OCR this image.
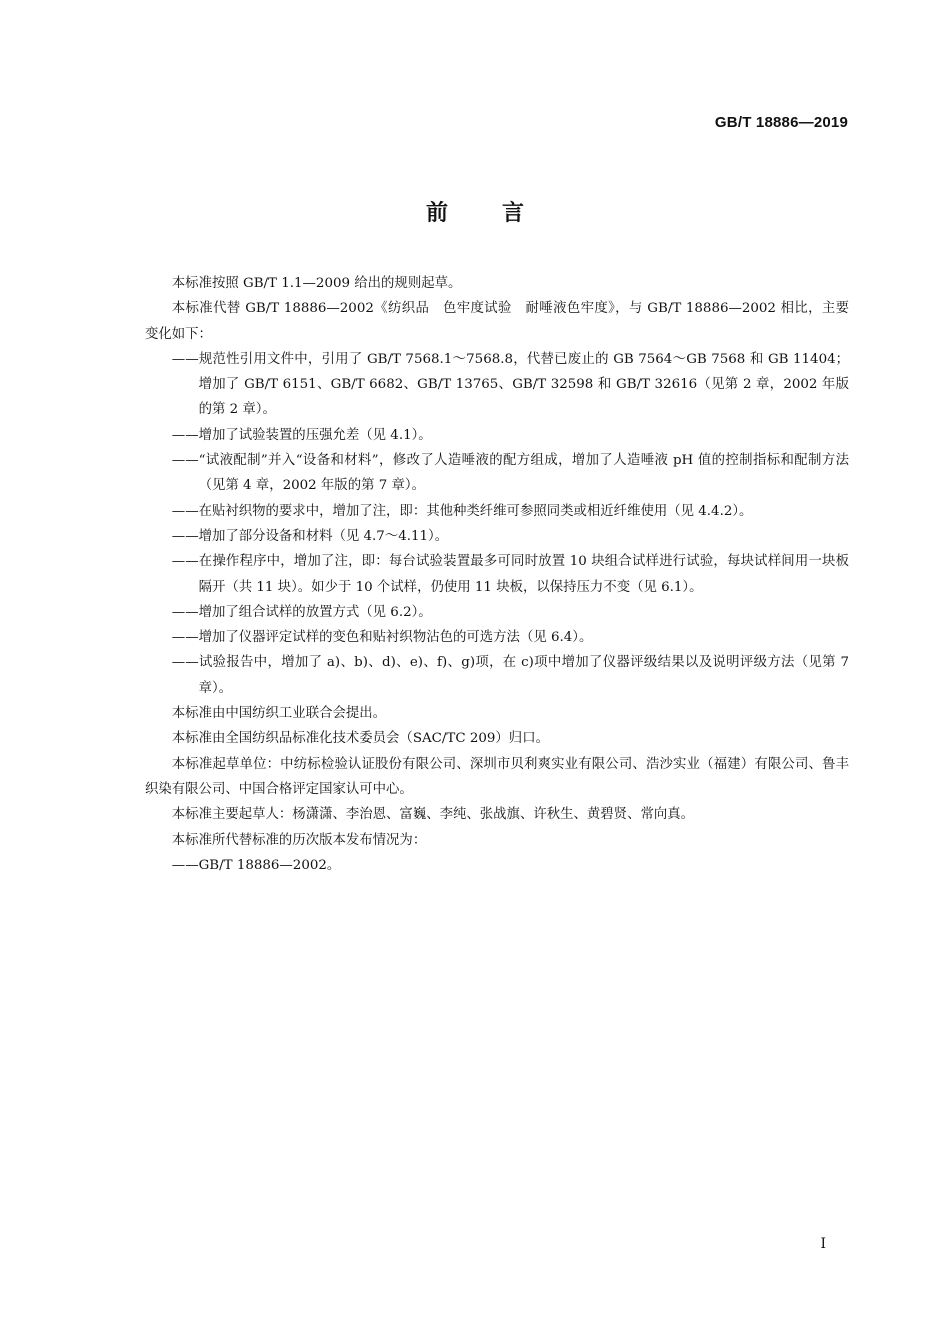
GB/T 18886—2019
前言

本标准按照 GB/T 1.1—2009 给出的规则起草。

本标准代替 GB/T 18886—2002《纺织品　色牢度试验　耐唾液色牢度》，与 GB/T 18886—2002 相比，主要变化如下：

——规范性引用文件中，引用了 GB/T 7568.1～7568.8，代替已废止的 GB 7564～GB 7568 和 GB 11404；增加了 GB/T 6151、GB/T 6682、GB/T 13765、GB/T 32598 和 GB/T 32616（见第 2 章，2002 年版的第 2 章）。

——增加了试验装置的压强允差（见 4.1）。

——“试液配制”并入“设备和材料”，修改了人造唾液的配方组成，增加了人造唾液 pH 值的控制指标和配制方法（见第 4 章，2002 年版的第 7 章）。

——在贴衬织物的要求中，增加了注，即：其他种类纤维可参照同类或相近纤维使用（见 4.4.2）。

——增加了部分设备和材料（见 4.7～4.11）。

——在操作程序中，增加了注，即：每台试验装置最多可同时放置 10 块组合试样进行试验，每块试样间用一块板隔开（共 11 块）。如少于 10 个试样，仍使用 11 块板，以保持压力不变（见 6.1）。

——增加了组合试样的放置方式（见 6.2）。

——增加了仪器评定试样的变色和贴衬织物沾色的可选方法（见 6.4）。

——试验报告中，增加了 a)、b)、d)、e)、f)、g)项，在 c)项中增加了仪器评级结果以及说明评级方法（见第 7 章）。

本标准由中国纺织工业联合会提出。

本标准由全国纺织品标准化技术委员会（SAC/TC 209）归口。

本标准起草单位：中纺标检验认证股份有限公司、深圳市贝利爽实业有限公司、浩沙实业（福建）有限公司、鲁丰织染有限公司、中国合格评定国家认可中心。

本标准主要起草人：杨潇潇、李治恩、富巍、李纯、张战旗、许秋生、黄碧贤、常向真。

本标准所代替标准的历次版本发布情况为：

——GB/T 18886—2002。

I
